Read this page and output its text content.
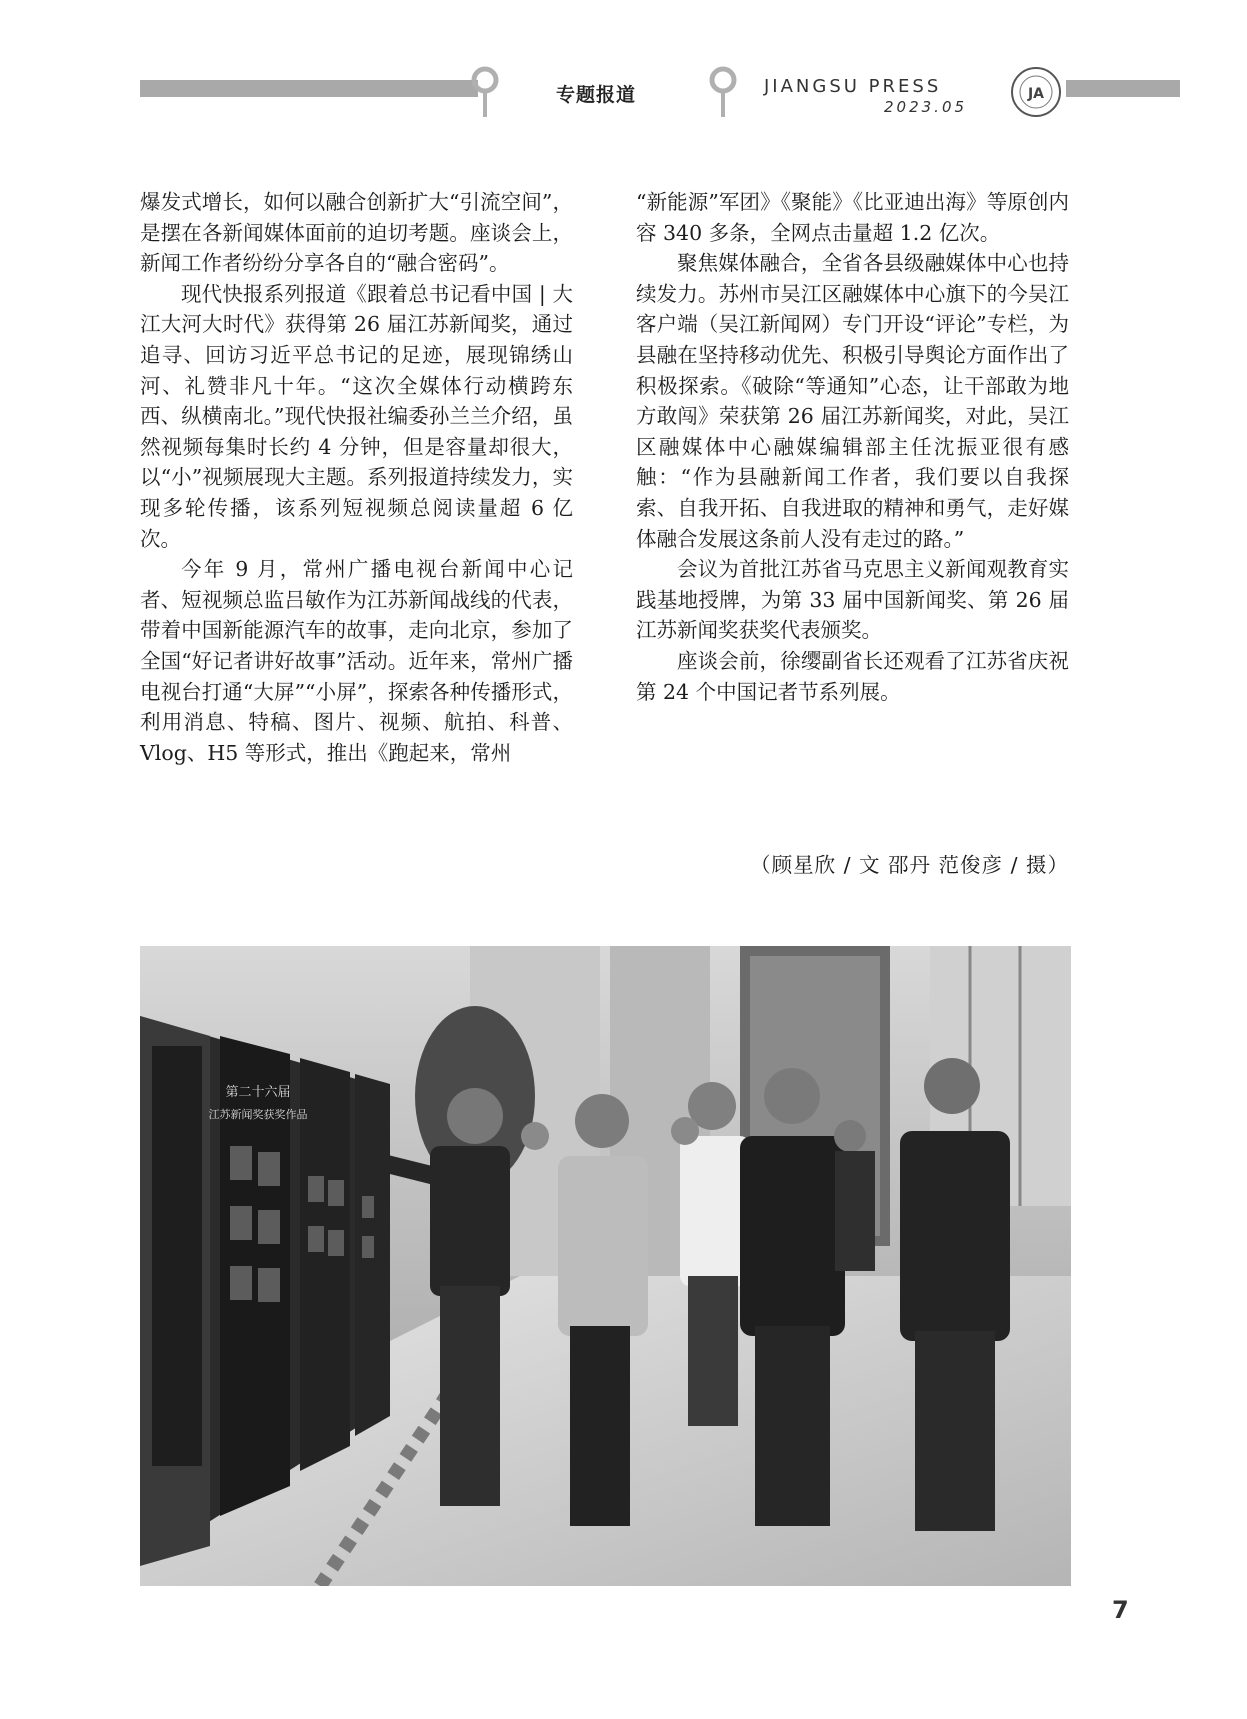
专题报道	JIANGSU PRESS
2023.05
JA

爆发式增长，如何以融合创新扩大“引流空间”，是摆在各新闻媒体面前的迫切考题。座谈会上，新闻工作者纷纷分享各自的“融合密码”。

现代快报系列报道《跟着总书记看中国 | 大江大河大时代》获得第 26 届江苏新闻奖，通过追寻、回访习近平总书记的足迹，展现锦绣山河、礼赞非凡十年。“这次全媒体行动横跨东西、纵横南北。”现代快报社编委孙兰兰介绍，虽然视频每集时长约 4 分钟，但是容量却很大，以“小”视频展现大主题。系列报道持续发力，实现多轮传播，该系列短视频总阅读量超 6 亿次。

今年 9 月，常州广播电视台新闻中心记者、短视频总监吕敏作为江苏新闻战线的代表，带着中国新能源汽车的故事，走向北京，参加了全国“好记者讲好故事”活动。近年来，常州广播电视台打通“大屏”“小屏”，探索各种传播形式，利用消息、特稿、图片、视频、航拍、科普、Vlog、H5 等形式，推出《跑起来，常州

“新能源”军团》《聚能》《比亚迪出海》等原创内容 340 多条，全网点击量超 1.2 亿次。

聚焦媒体融合，全省各县级融媒体中心也持续发力。苏州市吴江区融媒体中心旗下的今吴江客户端（吴江新闻网）专门开设“评论”专栏，为县融在坚持移动优先、积极引导舆论方面作出了积极探索。《破除“等通知”心态，让干部敢为地方敢闯》荣获第 26 届江苏新闻奖，对此，吴江区融媒体中心融媒编辑部主任沈振亚很有感触：“作为县融新闻工作者，我们要以自我探索、自我开拓、自我进取的精神和勇气，走好媒体融合发展这条前人没有走过的路。”

会议为首批江苏省马克思主义新闻观教育实践基地授牌，为第 33 届中国新闻奖、第 26 届江苏新闻奖获奖代表颁奖。

座谈会前，徐缨副省长还观看了江苏省庆祝第 24 个中国记者节系列展。

（顾星欣 / 文 邵丹 范俊彦 / 摄）
第二十六届
江苏新闻奖获奖作品
7
